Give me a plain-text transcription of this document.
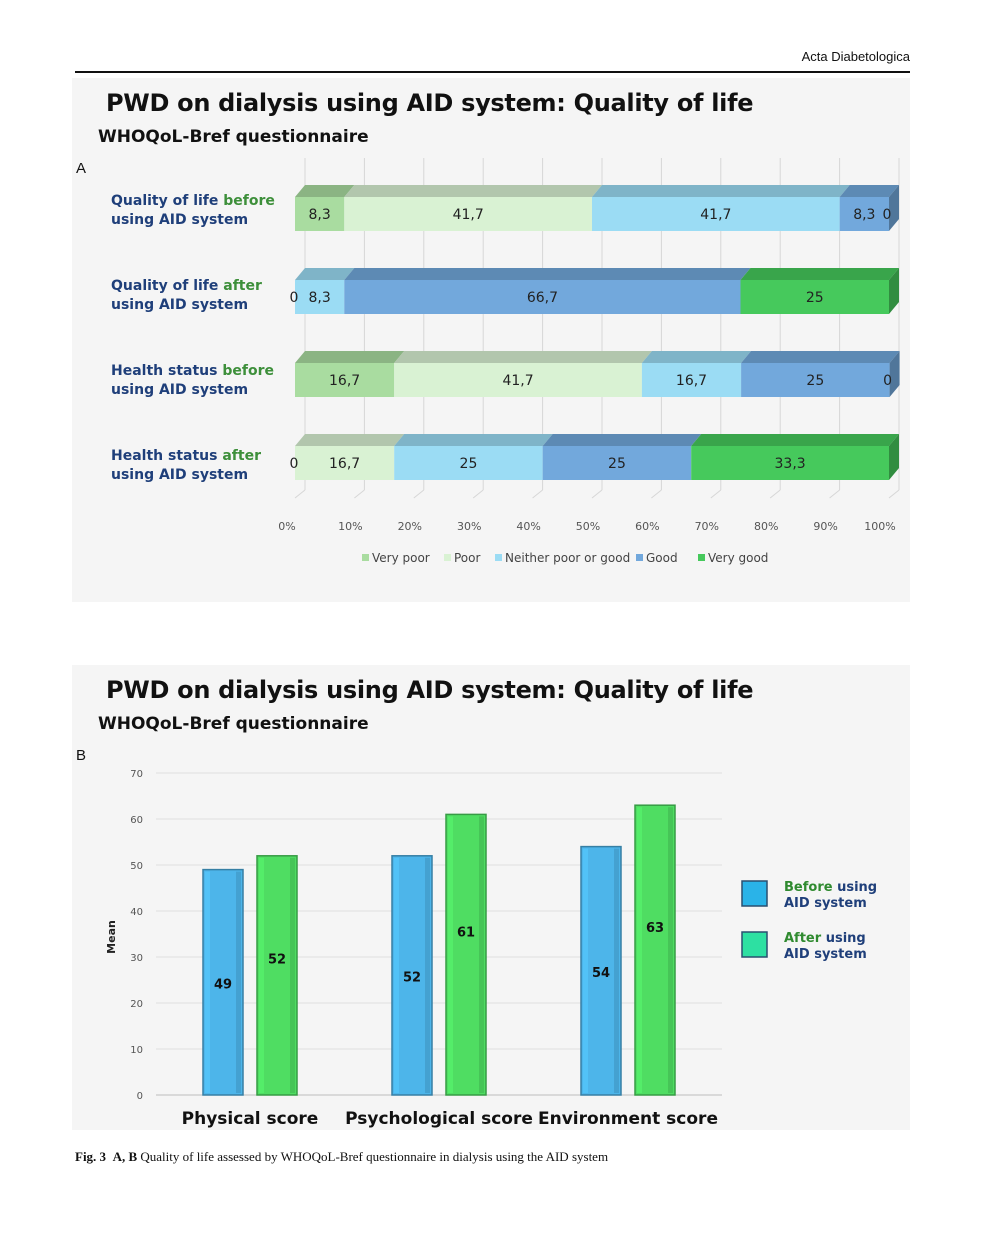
Acta Diabetologica
PWD on dialysis using AID system: Quality of life
WHOQoL-Bref questionnaire
A
Quality of life before
using AID system
Quality of life after
using AID system
Health status before
using AID system
Health status after
using AID system
8,3	41,7	41,7	8,3 0
0 8,3	66,7	25
16,7	41,7	16,7	25	0
0 16,7	25	25	33,3
0%	10%	20%	30%	40%	50%	60%	70%	80%	90% 100%
Very poor Poor Neither poor or good Good	Very good
PWD on dialysis using AID system: Quality of life
WHOQoL-Bref questionnaire
B
0
10
20
30
40
50
60
70
Mean
49
52
Physical score
52
61
Psychological score
54
63
Environment score
Before using
AID system
After using
AID system
Fig. 3 A, B Quality of life assessed by WHOQoL-Bref questionnaire in dialysis using the AID system
